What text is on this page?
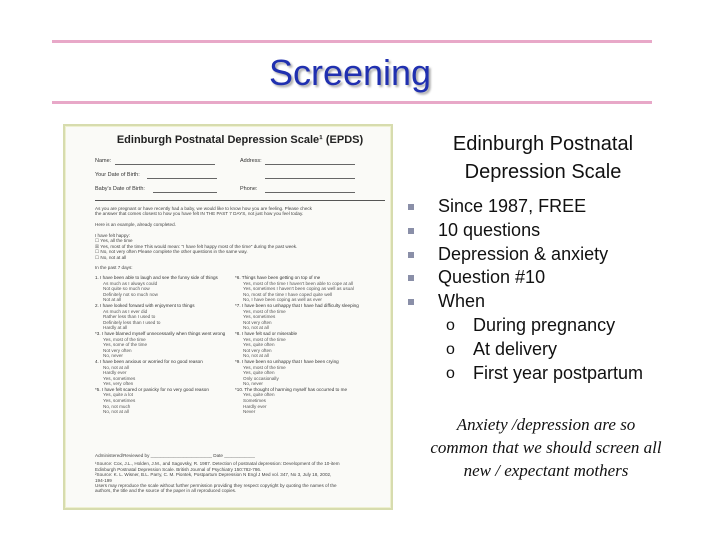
Screening
Edinburgh Postnatal Depression Scale¹ (EPDS)
Name:	Address:
Your Date of Birth:
Baby's Date of Birth:	Phone:
As you are pregnant or have recently had a baby, we would like to know how you are feeling. Please check
the answer that comes closest to how you have felt IN THE PAST 7 DAYS, not just how you feel today.

Here is an example, already completed.

I have felt happy:
☐ Yes, all the time
☒ Yes, most of the time This would mean: "I have felt happy most of the time" during the past week.
☐ No, not very often Please complete the other questions in the same way.
☐ No, not at all

In the past 7 days:
1. I have been able to laugh and see the funny side of things
As much as I always could
Not quite so much now
Definitely not so much now
Not at all
2. I have looked forward with enjoyment to things
As much as I ever did
Rather less than I used to
Definitely less than I used to
Hardly at all
*3. I have blamed myself unnecessarily when things went wrong
Yes, most of the time
Yes, some of the time
Not very often
No, never
4. I have been anxious or worried for no good reason
No, not at all
Hardly ever
Yes, sometimes
Yes, very often
*5. I have felt scared or panicky for no very good reason
Yes, quite a lot
Yes, sometimes
No, not much
No, not at all
*6. Things have been getting on top of me
Yes, most of the time I haven't been able to cope at all
Yes, sometimes I haven't been coping as well as usual
No, most of the time I have coped quite well
No, I have been coping as well as ever
*7. I have been so unhappy that I have had difficulty sleeping
Yes, most of the time
Yes, sometimes
Not very often
No, not at all
*8. I have felt sad or miserable
Yes, most of the time
Yes, quite often
Not very often
No, not at all
*9. I have been so unhappy that I have been crying
Yes, most of the time
Yes, quite often
Only occasionally
No, never
*10. The thought of harming myself has occurred to me
Yes, quite often
Sometimes
Hardly ever
Never
Administered/Reviewed by ________________________ Date ____________
¹Source: Cox, J.L., Holden, J.M., and Sagovsky, R. 1987. Detection of postnatal depression: Development of the 10-item
Edinburgh Postnatal Depression Scale. British Journal of Psychiatry 150:782-786.
²Source: K. L. Wisner, B.L. Parry, C. M. Piontek, Postpartum Depression N Engl J Med vol. 347, No 3, July 18, 2002,
194-199
Users may reproduce the scale without further permission providing they respect copyright by quoting the names of the
authors, the title and the source of the paper in all reproduced copies.
Edinburgh Postnatal
Depression Scale
Since 1987, FREE
10 questions
Depression & anxiety
Question #10
When
o During pregnancy
o At delivery
o First year postpartum
Anxiety /depression are so
common that we should screen all
new / expectant mothers
